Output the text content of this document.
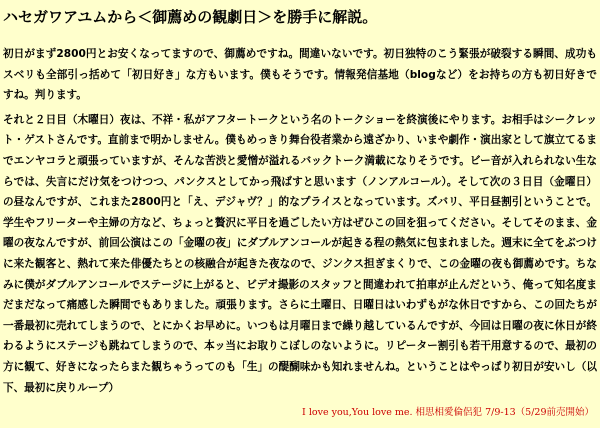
ハセガワアユムから＜御薦めの観劇日＞を勝手に解説。

初日がまず2800円とお安くなってますので、御薦めですね。間違いないです。初日独特のこう緊張が破裂する瞬間、成功もスベリも全部引っ括めて「初日好き」な方もいます。僕もそうです。情報発信基地（blogなど）をお持ちの方も初日好きですね。判ります。

それと２日目（木曜日）夜は、不祥・私がアフタートークという名のトークショーを終演後にやります。お相手はシークレット・ゲストさんです。直前まで明かしません。僕もめっきり舞台役者業から遠ざかり、いまや劇作・演出家として旗立てるまでエンヤコラと頑張っていますが、そんな苦渋と愛憎が溢れるバックトーク満載になりそうです。ビー音が入れられない生ならでは、失言にだけ気をつけつつ、パンクスとしてかっ飛ばすと思います（ノンアルコール）。そして次の３日目（金曜日）の昼なんですが、これまた2800円と「え、デジャヴ？」的なプライスとなっています。ズバリ、平日昼割引ということで。学生やフリーターや主婦の方など、ちょっと贅沢に平日を過ごしたい方はぜひこの回を狙ってください。そしてそのまま、金曜の夜なんですが、前回公演はこの「金曜の夜」にダブルアンコールが起きる程の熱気に包まれました。週末に全てをぶつけに来た観客と、熱れて来た俳優たちとの核融合が起きた夜なので、ジンクス担ぎまくりで、この金曜の夜も御薦めです。ちなみに僕がダブルアンコールでステージに上がると、ビデオ撮影のスタッフと間違われて拍車が止んだという、俺って知名度まだまだなって痛感した瞬間でもありました。頑張ります。さらに土曜日、日曜日はいわずもがな休日ですから、この回たちが一番最初に売れてしまうので、とにかくお早めに。いつもは月曜日まで繰り越しているんですが、今回は日曜の夜に休日が終わるようにステージも跳ねてしまうので、本ッ当にお取りこぼしのないように。リピーター割引も若干用意するので、最初の方に観て、好きになったらまた観ちゃうってのも「生」の醍醐味かも知れませんね。ということはやっぱり初日が安いし（以下、最初に戻りループ）

I love you,You love me. 相思相愛倫侶犯 7/9-13（5/29前売開始）
